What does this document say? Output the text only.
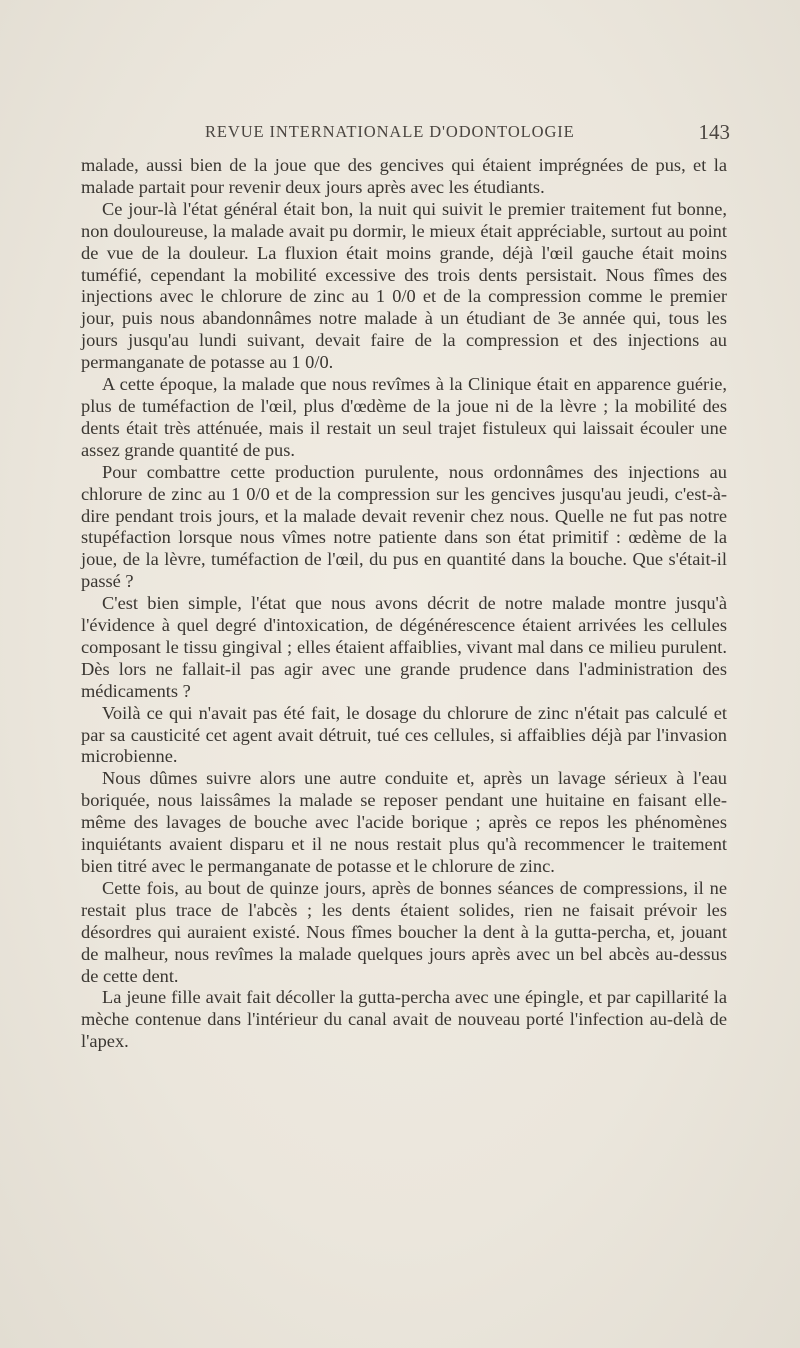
REVUE INTERNATIONALE D'ODONTOLOGIE	143

malade, aussi bien de la joue que des gencives qui étaient imprégnées de pus, et la malade partait pour revenir deux jours après avec les étudiants.

Ce jour-là l'état général était bon, la nuit qui suivit le premier traitement fut bonne, non douloureuse, la malade avait pu dormir, le mieux était appréciable, surtout au point de vue de la douleur. La fluxion était moins grande, déjà l'œil gauche était moins tuméfié, cependant la mobilité excessive des trois dents persistait. Nous fîmes des injections avec le chlorure de zinc au 1 0/0 et de la compression comme le premier jour, puis nous abandonnâmes notre malade à un étudiant de 3e année qui, tous les jours jusqu'au lundi suivant, devait faire de la compression et des injections au permanganate de potasse au 1 0/0.

A cette époque, la malade que nous revîmes à la Clinique était en apparence guérie, plus de tuméfaction de l'œil, plus d'œdème de la joue ni de la lèvre ; la mobilité des dents était très atténuée, mais il restait un seul trajet fistuleux qui laissait écouler une assez grande quantité de pus.

Pour combattre cette production purulente, nous ordonnâmes des injections au chlorure de zinc au 1 0/0 et de la compression sur les gencives jusqu'au jeudi, c'est-à-dire pendant trois jours, et la malade devait revenir chez nous. Quelle ne fut pas notre stupéfaction lorsque nous vîmes notre patiente dans son état primitif : œdème de la joue, de la lèvre, tuméfaction de l'œil, du pus en quantité dans la bouche. Que s'était-il passé ?

C'est bien simple, l'état que nous avons décrit de notre malade montre jusqu'à l'évidence à quel degré d'intoxication, de dégénérescence étaient arrivées les cellules composant le tissu gingival ; elles étaient affaiblies, vivant mal dans ce milieu purulent. Dès lors ne fallait-il pas agir avec une grande prudence dans l'administration des médicaments ?

Voilà ce qui n'avait pas été fait, le dosage du chlorure de zinc n'était pas calculé et par sa causticité cet agent avait détruit, tué ces cellules, si affaiblies déjà par l'invasion microbienne.

Nous dûmes suivre alors une autre conduite et, après un lavage sérieux à l'eau boriquée, nous laissâmes la malade se reposer pendant une huitaine en faisant elle-même des lavages de bouche avec l'acide borique ; après ce repos les phénomènes inquiétants avaient disparu et il ne nous restait plus qu'à recommencer le traitement bien titré avec le permanganate de potasse et le chlorure de zinc.

Cette fois, au bout de quinze jours, après de bonnes séances de compressions, il ne restait plus trace de l'abcès ; les dents étaient solides, rien ne faisait prévoir les désordres qui auraient existé. Nous fîmes boucher la dent à la gutta-percha, et, jouant de malheur, nous revîmes la malade quelques jours après avec un bel abcès au-dessus de cette dent.

La jeune fille avait fait décoller la gutta-percha avec une épingle, et par capillarité la mèche contenue dans l'intérieur du canal avait de nouveau porté l'infection au-delà de l'apex.
